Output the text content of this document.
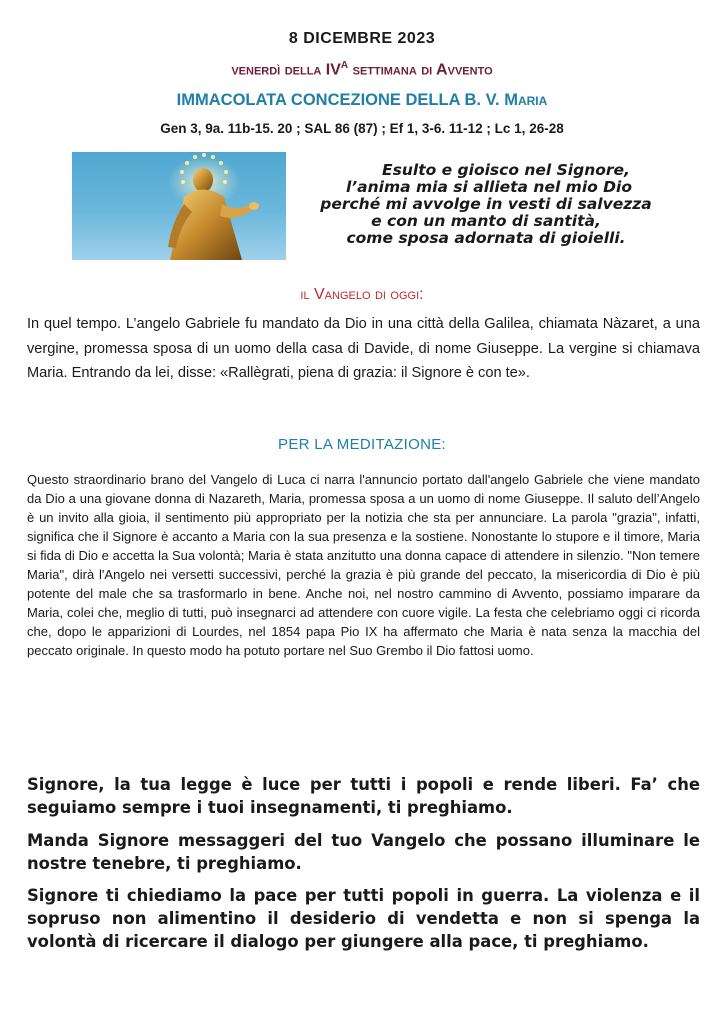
8 DICEMBRE 2023
venerdì della $IV^A$ settimana di Avvento
IMMACOLATA CONCEZIONE DELLA B. V. Maria
Gen 3, 9a. 11b-15. 20 ; SAL 86 (87) ; Ef 1, 3-6. 11-12 ; Lc 1, 26-28
Esulto e gioisco nel Signore,
l’anima mia si allieta nel mio Dio
perché mi avvolge in vesti di salvezza
e con un manto di santità,
come sposa adornata di gioielli.
il Vangelo di oggi:
In quel tempo. L’angelo Gabriele fu mandato da Dio in una città della Galilea, chiamata Nàzaret, a una vergine, promessa sposa di un uomo della casa di Davide, di nome Giuseppe. La vergine si chiamava Maria. Entrando da lei, disse: «Rallègrati, piena di grazia: il Signore è con te».
PER LA MEDITAZIONE:
Questo straordinario brano del Vangelo di Luca ci narra l'annuncio portato dall'angelo Gabriele che viene mandato da Dio a una giovane donna di Nazareth, Maria, promessa sposa a un uomo di nome Giuseppe. Il saluto dell’Angelo è un invito alla gioia, il sentimento più appropriato per la notizia che sta per annunciare. La parola "grazia", infatti, significa che il Signore è accanto a Maria con la sua presenza e la sostiene. Nonostante lo stupore e il timore, Maria si fida di Dio e accetta la Sua volontà; Maria è stata anzitutto una donna capace di attendere in silenzio. "Non temere Maria", dirà l'Angelo nei versetti successivi, perché la grazia è più grande del peccato, la misericordia di Dio è più potente del male che sa trasformarlo in bene. Anche noi, nel nostro cammino di Avvento, possiamo imparare da Maria, colei che, meglio di tutti, può insegnarci ad attendere con cuore vigile. La festa che celebriamo oggi ci ricorda che, dopo le apparizioni di Lourdes, nel 1854 papa Pio IX ha affermato che Maria è nata senza la macchia del peccato originale. In questo modo ha potuto portare nel Suo Grembo il Dio fattosi uomo.
Signore, la tua legge è luce per tutti i popoli e rende liberi. Fa’ che seguiamo sempre i tuoi insegnamenti, ti preghiamo.
Manda Signore messaggeri del tuo Vangelo che possano illuminare le nostre tenebre, ti preghiamo.
Signore ti chiediamo la pace per tutti popoli in guerra. La violenza e il sopruso non alimentino il desiderio di vendetta e non si spenga la volontà di ricercare il dialogo per giungere alla pace, ti preghiamo.
